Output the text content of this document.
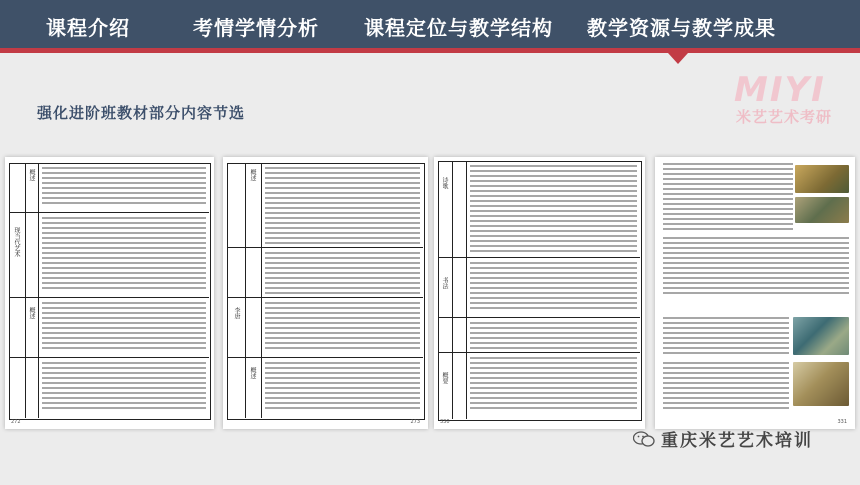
课程介绍	考情学情分析 课程定位与教学结构 教学资源与教学成果
强化进阶班教材部分内容节选
MIYI
米艺艺术考研
概述
现当代艺术
概述
272
概述
李唐
概述
273
诗歌
书法
概要
330	331
重庆米艺艺术培训
